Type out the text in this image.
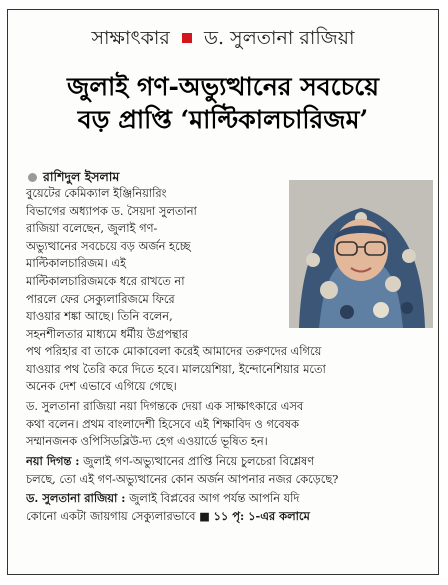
সাক্ষাৎকার ড. সুলতানা রাজিয়া
জুলাই গণ-অভ্যুত্থানের সবচেয়ে
বড় প্রাপ্তি ‘মাল্টিকালচারিজম’
রাশিদুল ইসলাম
বুয়েটের কেমিক্যাল ইঞ্জিনিয়ারিং
বিভাগের অধ্যাপক ড. সৈয়দা সুলতানা
রাজিয়া বলেছেন, জুলাই গণ-
অভ্যুত্থানের সবচেয়ে বড় অর্জন হচ্ছে
মাল্টিকালচারিজম। এই
মাল্টিকালচারিজমকে ধরে রাখতে না
পারলে ফের সেক্যুলারিজমে ফিরে
যাওয়ার শঙ্কা আছে। তিনি বলেন,
সহনশীলতার মাধ্যমে ধর্মীয় উগ্রপন্থার
পথ পরিহার বা তাকে মোকাবেলা করেই আমাদের তরুণদের এগিয়ে
যাওয়ার পথ তৈরি করে দিতে হবে। মালয়েশিয়া, ইন্দোনেশিয়ার মতো
অনেক দেশ এভাবে এগিয়ে গেছে।
ড. সুলতানা রাজিয়া নয়া দিগন্তকে দেয়া এক সাক্ষাৎকারে এসব
কথা বলেন। প্রথম বাংলাদেশী হিসেবে এই শিক্ষাবিদ ও গবেষক
সম্মানজনক ওপিসিডব্লিউ-দ্য হেগ এওয়ার্ডে ভূষিত হন।
নয়া দিগন্ত : জুলাই গণ-অভ্যুত্থানের প্রাপ্তি নিয়ে চুলচেরা বিশ্লেষণ
চলছে, তো এই গণ-অভ্যুত্থানের কোন অর্জন আপনার নজর কেড়েছে?
ড. সুলতানা রাজিয়া : জুলাই বিপ্লবের আগ পর্যন্ত আপনি যদি
কোনো একটা জায়গায় সেক্যুলারভাবে ■ ১১ পৃ: ১-এর কলামে
